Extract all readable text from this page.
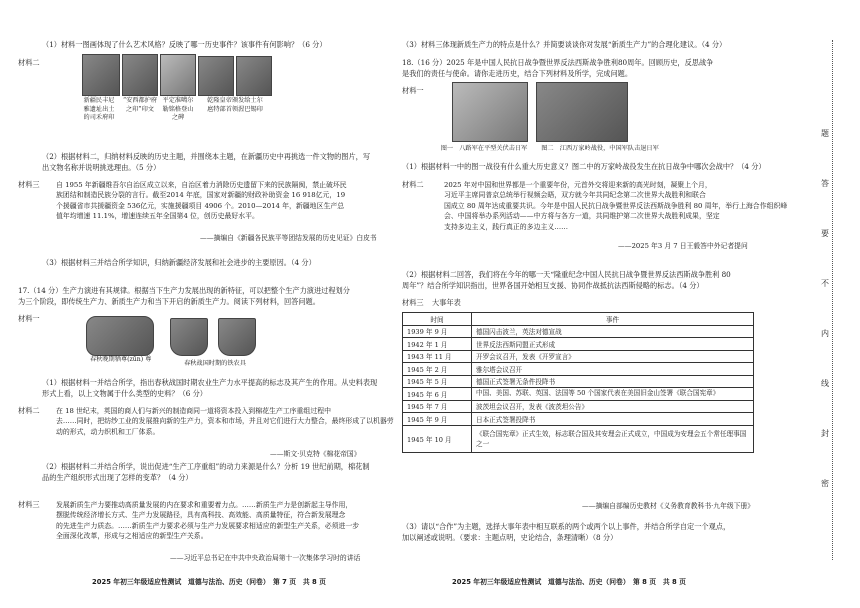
（1）材料一图画体现了什么艺术风格？反映了哪一历史事件？该事件有何影响？（6 分）
材料二
新疆民丰尼
雅遗址出土
的司禾府印
“安西都护府
之印”印文
平定准噶尔
勒铭格登山
之碑
乾隆皇帝颁发给土尔
扈特部首领渥巴锡印
（2）根据材料二，归纳材料反映的历史主题，并围绕本主题，在新疆历史中再挑选一件文物的图片，写
出文物名称并说明挑选理由。（5 分）
材料三 自 1955 年新疆维吾尔自治区成立以来，自治区着力消除历史遗留下来的民族隔阂，禁止破坏民
族团结和制造民族分裂的言行。截至2014 年底，国家对新疆的财政补助资金 16 918亿元，19
个援疆省市共援疆资金 536亿元，实施援疆项目 4906 个。2010—2014 年，新疆地区生产总
值年均增速 11.1%，增速连续五年全国第4 位，创历史最好水平。
——摘编自《新疆各民族平等团结发展的历史见证》白皮书
（3）根据材料三并结合所学知识，归纳新疆经济发展和社会进步的主要原因。（4 分）
17.（14 分）生产力演进有其规律。根据当下生产力发展出现的新特征，可以把整个生产力演进过程划分
为三个阶段，即传统生产力、新质生产力和当下开启的新质生产力。阅读下列材料，回答问题。
材料一
春秋晚期牺尊(zūn) 尊
春秋战国时期的铁农具
（1）根据材料一并结合所学，指出春秋战国时期农业生产力水平提高的标志及其产生的作用。从史料表现
形式上看，以上文物属于什么类型的史料？（6 分）
材料二 在 18 世纪末，英国的商人们与新兴的制造商同一道将资本投入到棉花生产工序重组过程中
去……同时，把纺纱工业的发展推向新的生产力，资本和市场，并且对它们进行大力整合，最终形成了以机器劳
动的形式，动力织机和工厂体系。
——斯文·贝克特《棉花帝国》
（2）根据材料二并结合所学，说出促进“生产工序重组”的动力来源是什么？分析 19 世纪前期，棉花制
品的生产组织形式出现了怎样的变革？（4 分）
材料三 发展新质生产力要推动高质量发展的内在要求和重要着力点。……新质生产力是创新起主导作用，
摆脱传统经济增长方式、生产力发展路径，具有高科技、高效能、高质量特征，符合新发展理念
的先进生产力质态。……新质生产力要求必须与生产力发展要求相适应的新型生产关系，必须进一步
全面深化改革，形成与之相适应的新型生产关系。
——习近平总书记在中共中央政治局第十一次集体学习时的讲话
2025 年初三年级适应性测试　道德与法治、历史（问卷）　第 7 页　共 8 页
（3）材料三体现新质生产力的特点是什么？并简要谈谈你对发展“新质生产力”的合理化建议。（4 分）
18.（16 分）2025 年是中国人民抗日战争暨世界反法西斯战争胜利80周年。回顾历史，反思战争
是我们的责任与使命。请你走进历史，结合下列材料及所学，完成问题。
材料一
图一　八路军在平型关伏击日军	图二　江西万家岭战役，中国军队击退日军
（1）根据材料一中的图一战役有什么重大历史意义？图二中的万家岭战役发生在抗日战争中哪次会战中？（4 分）
材料二	2025 年对中国和世界都是一个重要年份，元首外交将迎来新的高光时刻，凝聚上个月，
习近平主席同普京总统举行视频会晤，双方就今年共同纪念第二次世界大战胜利和联合
国成立 80 周年达成重要共识。今年是中国人民抗日战争暨世界反法西斯战争胜利 80 周年，举行上海合作组织峰
会、中国将举办系列活动——中方将与各方一道，共同维护第二次世界大战胜利成果，坚定
支持多边主义，践行真正的多边主义……
——2025 年3 月 7 日王毅答中外记者提问
（2）根据材料二回答，我们将在今年的哪一天“隆重纪念中国人民抗日战争暨世界反法西斯战争胜利 80
周年”？结合所学知识指出，世界各国开始相互支援、协同作战抵抗法西斯侵略的标志。（4 分）
材料三 大事年表
时间	事件
1939 年 9 月	德国闪击波兰，英法对德宣战
1942 年 1 月	世界反法西斯同盟正式形成
1943 年 11 月	开罗会议召开，发表《开罗宣言》
1945 年 2 月	雅尔塔会议召开
1945 年 5 月	德国正式签署无条件投降书
1945 年 6 月	中国、美国、苏联、英国、法国等 50 个国家代表在美国旧金山签署《联合国宪章》
1945 年 7 月	波茨坦会议召开，发表《波茨坦公告》
1945 年 9 月	日本正式签署投降书
1945 年 10 月	《联合国宪章》正式生效，标志联合国及其安理会正式成立，中国成为安理会五个常任理事国之一
——摘编自部编历史教材《义务教育教科书·九年级下册》
（3）请以“合作”为主题，选择大事年表中相互联系的两个或两个以上事件，并结合所学自定一个观点，
加以阐述或说明。（要求：主题点明，史论结合，条理清晰）（8 分）
2025 年初三年级适应性测试　道德与法治、历史（问卷）　第 8 页　共 8 页
题
答
要
不
内
线
封
密
